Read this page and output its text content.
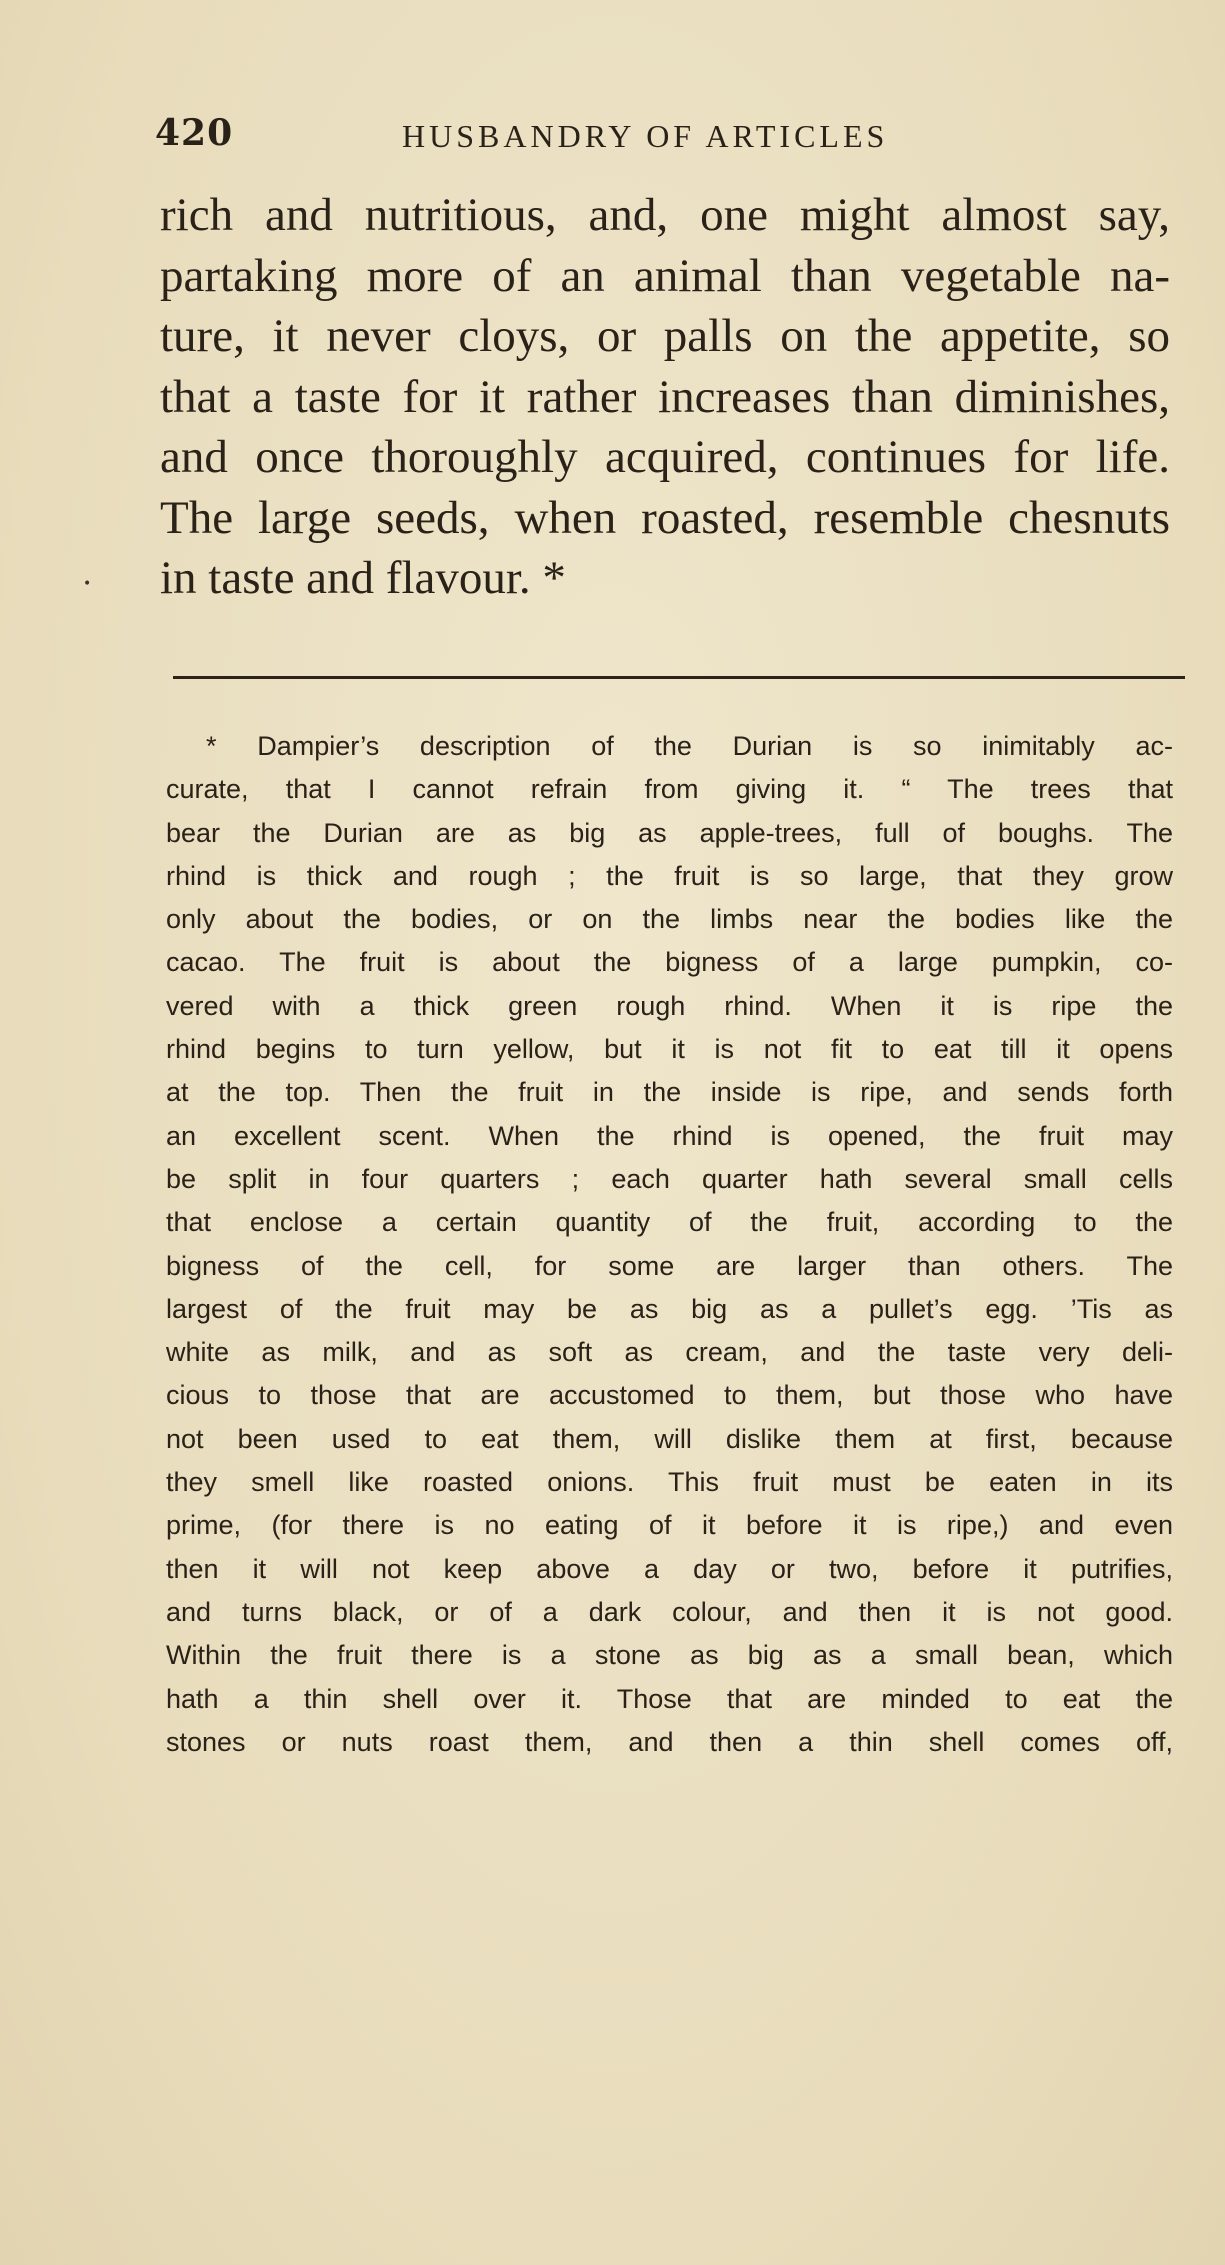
420	HUSBANDRY OF ARTICLES
rich and nutritious, and, one might almost say,
partaking more of an animal than vegetable na-
ture, it never cloys, or palls on the appetite, so
that a taste for it rather increases than diminishes,
and once thoroughly acquired, continues for life.
The large seeds, when roasted, resemble chesnuts
in taste and flavour. *
•
* Dampier’s description of the Durian is so inimitably ac-
curate, that I cannot refrain from giving it. “ The trees that
bear the Durian are as big as apple-trees, full of boughs. The
rhind is thick and rough ; the fruit is so large, that they grow
only about the bodies, or on the limbs near the bodies like the
cacao. The fruit is about the bigness of a large pumpkin, co-
vered with a thick green rough rhind. When it is ripe the
rhind begins to turn yellow, but it is not fit to eat till it opens
at the top. Then the fruit in the inside is ripe, and sends forth
an excellent scent. When the rhind is opened, the fruit may
be split in four quarters ; each quarter hath several small cells
that enclose a certain quantity of the fruit, according to the
bigness of the cell, for some are larger than others. The
largest of the fruit may be as big as a pullet’s egg. ’Tis as
white as milk, and as soft as cream, and the taste very deli-
cious to those that are accustomed to them, but those who have
not been used to eat them, will dislike them at first, because
they smell like roasted onions. This fruit must be eaten in its
prime, (for there is no eating of it before it is ripe,) and even
then it will not keep above a day or two, before it putrifies,
and turns black, or of a dark colour, and then it is not good.
Within the fruit there is a stone as big as a small bean, which
hath a thin shell over it. Those that are minded to eat the
stones or nuts roast them, and then a thin shell comes off,
